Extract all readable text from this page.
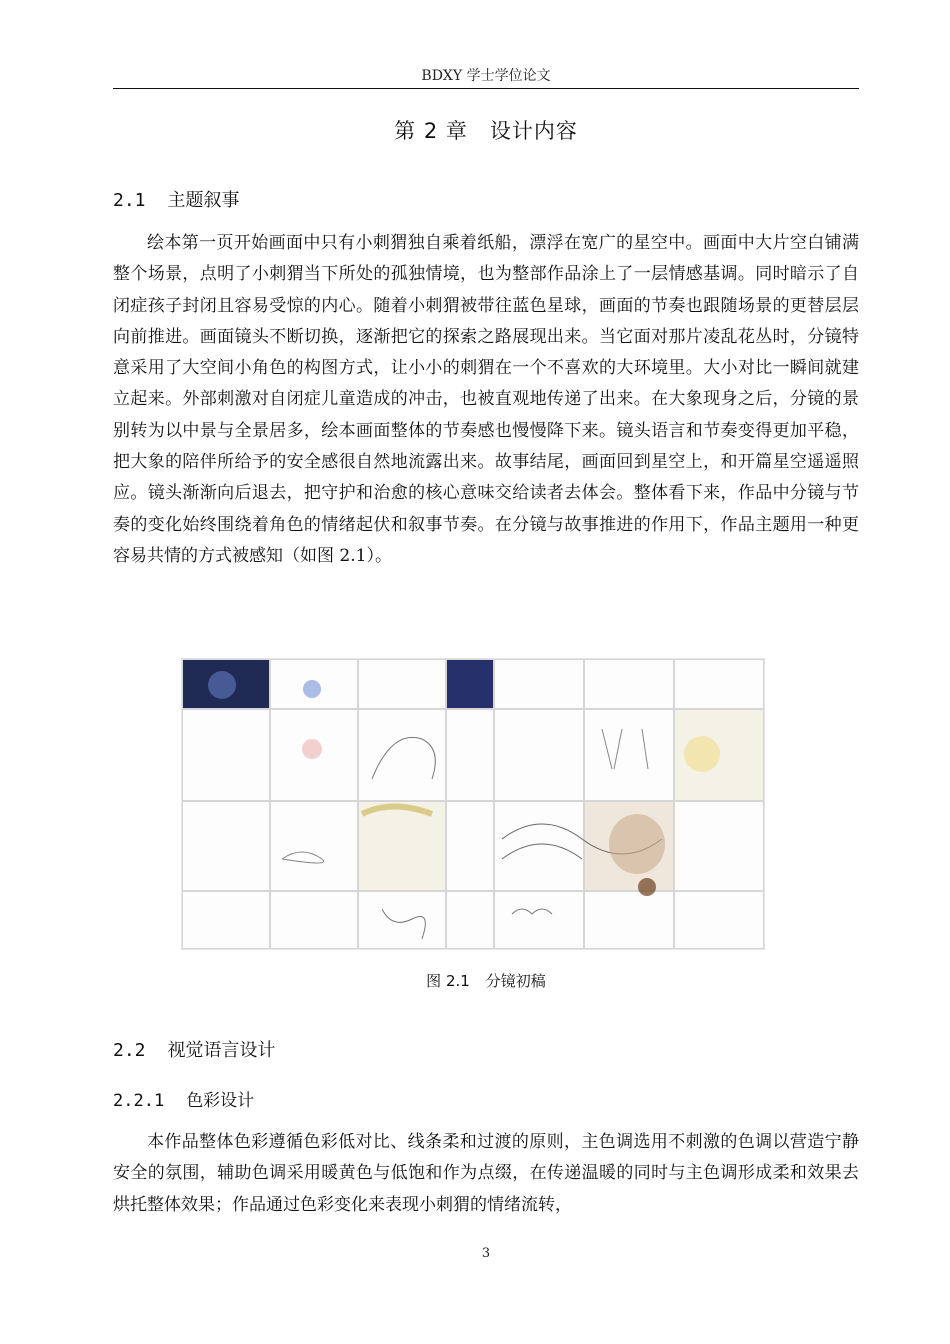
BDXY 学士学位论文
第 2 章　设计内容
2.1 主题叙事

绘本第一页开始画面中只有小刺猬独自乘着纸船，漂浮在宽广的星空中。画面中大片空白铺满整个场景，点明了小刺猬当下所处的孤独情境，也为整部作品涂上了一层情感基调。同时暗示了自闭症孩子封闭且容易受惊的内心。随着小刺猬被带往蓝色星球，画面的节奏也跟随场景的更替层层向前推进。画面镜头不断切换，逐渐把它的探索之路展现出来。当它面对那片凌乱花丛时，分镜特意采用了大空间小角色的构图方式，让小小的刺猬在一个不喜欢的大环境里。大小对比一瞬间就建立起来。外部刺激对自闭症儿童造成的冲击，也被直观地传递了出来。在大象现身之后，分镜的景别转为以中景与全景居多，绘本画面整体的节奏感也慢慢降下来。镜头语言和节奏变得更加平稳，把大象的陪伴所给予的安全感很自然地流露出来。故事结尾，画面回到星空上，和开篇星空遥遥照应。镜头渐渐向后退去，把守护和治愈的核心意味交给读者去体会。整体看下来，作品中分镜与节奏的变化始终围绕着角色的情绪起伏和叙事节奏。在分镜与故事推进的作用下，作品主题用一种更容易共情的方式被感知（如图 2.1）。

图 2.1 分镜初稿
2.2 视觉语言设计
2.2.1 色彩设计

本作品整体色彩遵循色彩低对比、线条柔和过渡的原则，主色调选用不刺激的色调以营造宁静安全的氛围，辅助色调采用暖黄色与低饱和作为点缀，在传递温暖的同时与主色调形成柔和效果去烘托整体效果；作品通过色彩变化来表现小刺猬的情绪流转，

3
